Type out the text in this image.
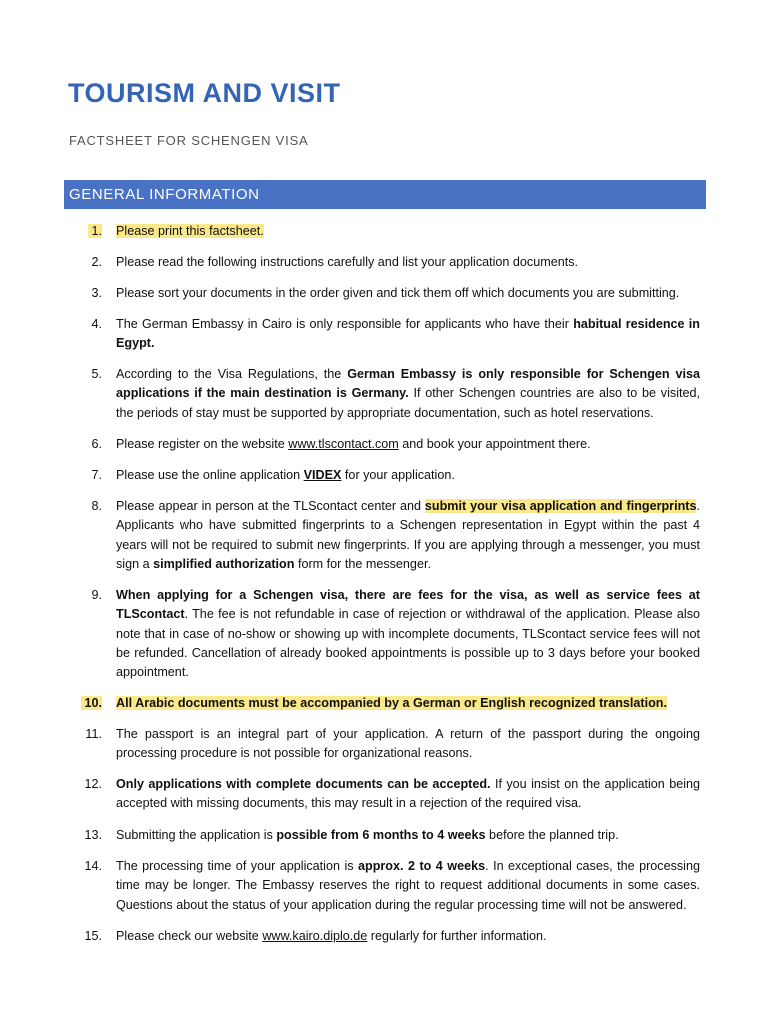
TOURISM AND VISIT
FACTSHEET FOR SCHENGEN VISA
GENERAL INFORMATION
1.	Please print this factsheet.
2.	Please read the following instructions carefully and list your application documents.
3.	Please sort your documents in the order given and tick them off which documents you are submitting.
4.	The German Embassy in Cairo is only responsible for applicants who have their habitual residence in Egypt.
5.	According to the Visa Regulations, the German Embassy is only responsible for Schengen visa applications if the main destination is Germany. If other Schengen countries are also to be visited, the periods of stay must be supported by appropriate documentation, such as hotel reservations.
6.	Please register on the website www.tlscontact.com and book your appointment there.
7.	Please use the online application VIDEX for your application.
8.	Please appear in person at the TLScontact center and submit your visa application and fingerprints. Applicants who have submitted fingerprints to a Schengen representation in Egypt within the past 4 years will not be required to submit new fingerprints. If you are applying through a messenger, you must sign a simplified authorization form for the messenger.
9.	When applying for a Schengen visa, there are fees for the visa, as well as service fees at TLScontact. The fee is not refundable in case of rejection or withdrawal of the application. Please also note that in case of no-show or showing up with incomplete documents, TLScontact service fees will not be refunded. Cancellation of already booked appointments is possible up to 3 days before your booked appointment.
10.	All Arabic documents must be accompanied by a German or English recognized translation.
11.	The passport is an integral part of your application. A return of the passport during the ongoing processing procedure is not possible for organizational reasons.
12.	Only applications with complete documents can be accepted. If you insist on the application being accepted with missing documents, this may result in a rejection of the required visa.
13.	Submitting the application is possible from 6 months to 4 weeks before the planned trip.
14.	The processing time of your application is approx. 2 to 4 weeks. In exceptional cases, the processing time may be longer. The Embassy reserves the right to request additional documents in some cases. Questions about the status of your application during the regular processing time will not be answered.
15.	Please check our website www.kairo.diplo.de regularly for further information.
